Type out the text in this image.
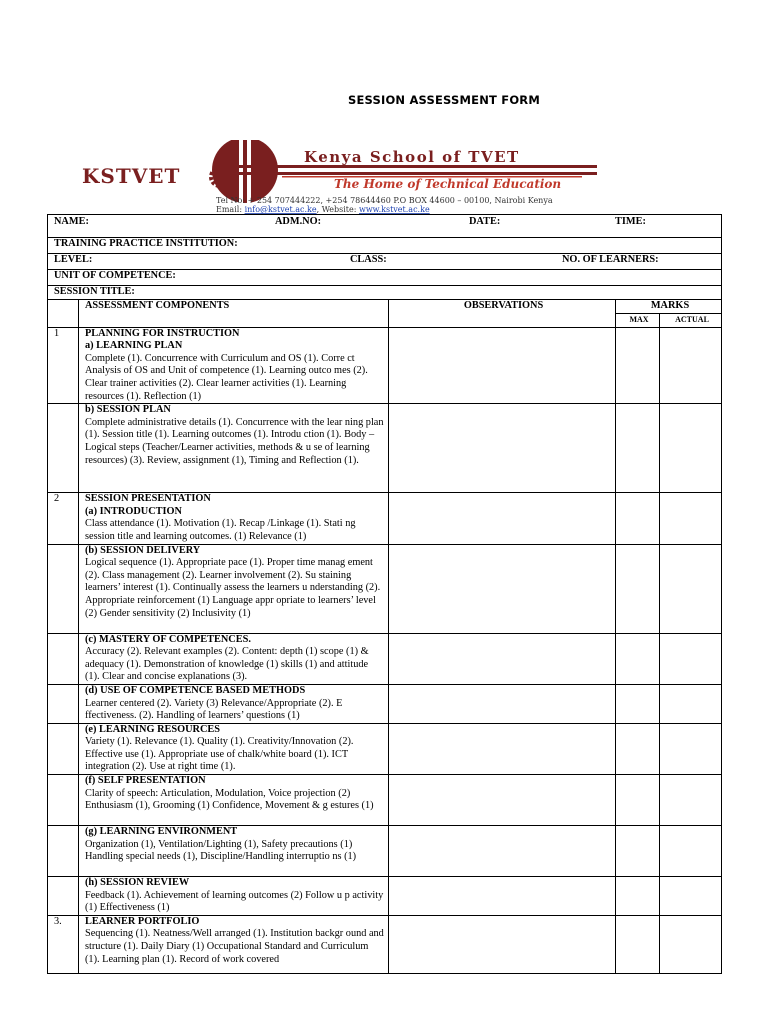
SESSION ASSESSMENT FORM
KSTVET
Kenya School of TVET
The Home of Technical Education
Tel No: + 254 707444222, +254 78644460 P.O BOX 44600 – 00100, Nairobi Kenya
Email: info@kstvet.ac.ke, Website: www.kstvet.ac.ke
NAME: ADM.NO: DATE: TIME:				

TRAINING PRACTICE INSTITUTION:				

LEVEL: CLASS: NO. OF LEARNERS:				

UNIT OF COMPETENCE:				
SESSION TITLE:				
	ASSESSMENT COMPONENTS	OBSERVATIONS	MARKS	
			MAX	ACTUAL
1	PLANNING FOR INSTRUCTION
a) LEARNING PLAN
Complete (1). Concurrence with Curriculum and OS (1). Corre ct Analysis of OS and Unit of competence (1). Learning outco mes (2). Clear trainer activities (2). Clear learner activities (1). Learning resources (1). Reflection (1)			

	b) SESSION PLAN
Complete administrative details (1). Concurrence with the lear ning plan (1). Session title (1). Learning outcomes (1). Introdu ction (1). Body – Logical steps (Teacher/Learner activities, methods & u se of learning resources) (3). Review, assignment (1), Timing and Reflection (1).			

2	SESSION PRESENTATION
(a) INTRODUCTION
Class attendance (1). Motivation (1). Recap /Linkage (1). Stati ng session title and learning outcomes. (1) Relevance (1)			

	(b) SESSION DELIVERY
Logical sequence (1). Appropriate pace (1). Proper time manag ement (2). Class management (2). Learner involvement (2). Su staining learners’ interest (1). Continually assess the learners u nderstanding (2). Appropriate reinforcement (1) Language appr opriate to learners’ level (2) Gender sensitivity (2) Inclusivity (1)			

	(c) MASTERY OF COMPETENCES.
Accuracy (2). Relevant examples (2). Content: depth (1) scope (1) & adequacy (1). Demonstration of knowledge (1) skills (1) and attitude (1). Clear and concise explanations (3).			

	(d) USE OF COMPETENCE BASED METHODS
Learner centered (2). Variety (3) Relevance/Appropriate (2). E ffectiveness. (2). Handling of learners’ questions (1)			

	(e) LEARNING RESOURCES
Variety (1). Relevance (1). Quality (1). Creativity/Innovation (2). Effective use (1). Appropriate use of chalk/white board (1). ICT integration (2). Use at right time (1).			

	(f) SELF PRESENTATION
Clarity of speech: Articulation, Modulation, Voice projection (2) Enthusiasm (1), Grooming (1) Confidence, Movement & g estures (1)			

	(g) LEARNING ENVIRONMENT
Organization (1), Ventilation/Lighting (1), Safety precautions (1) Handling special needs (1), Discipline/Handling interruptio ns (1)			

	(h) SESSION REVIEW
Feedback (1). Achievement of learning outcomes (2) Follow u p activity (1) Effectiveness (1)			

3.	LEARNER PORTFOLIO
Sequencing (1). Neatness/Well arranged (1). Institution backgr ound and structure (1). Daily Diary (1) Occupational Standard and Curriculum (1). Learning plan (1). Record of work covered			
